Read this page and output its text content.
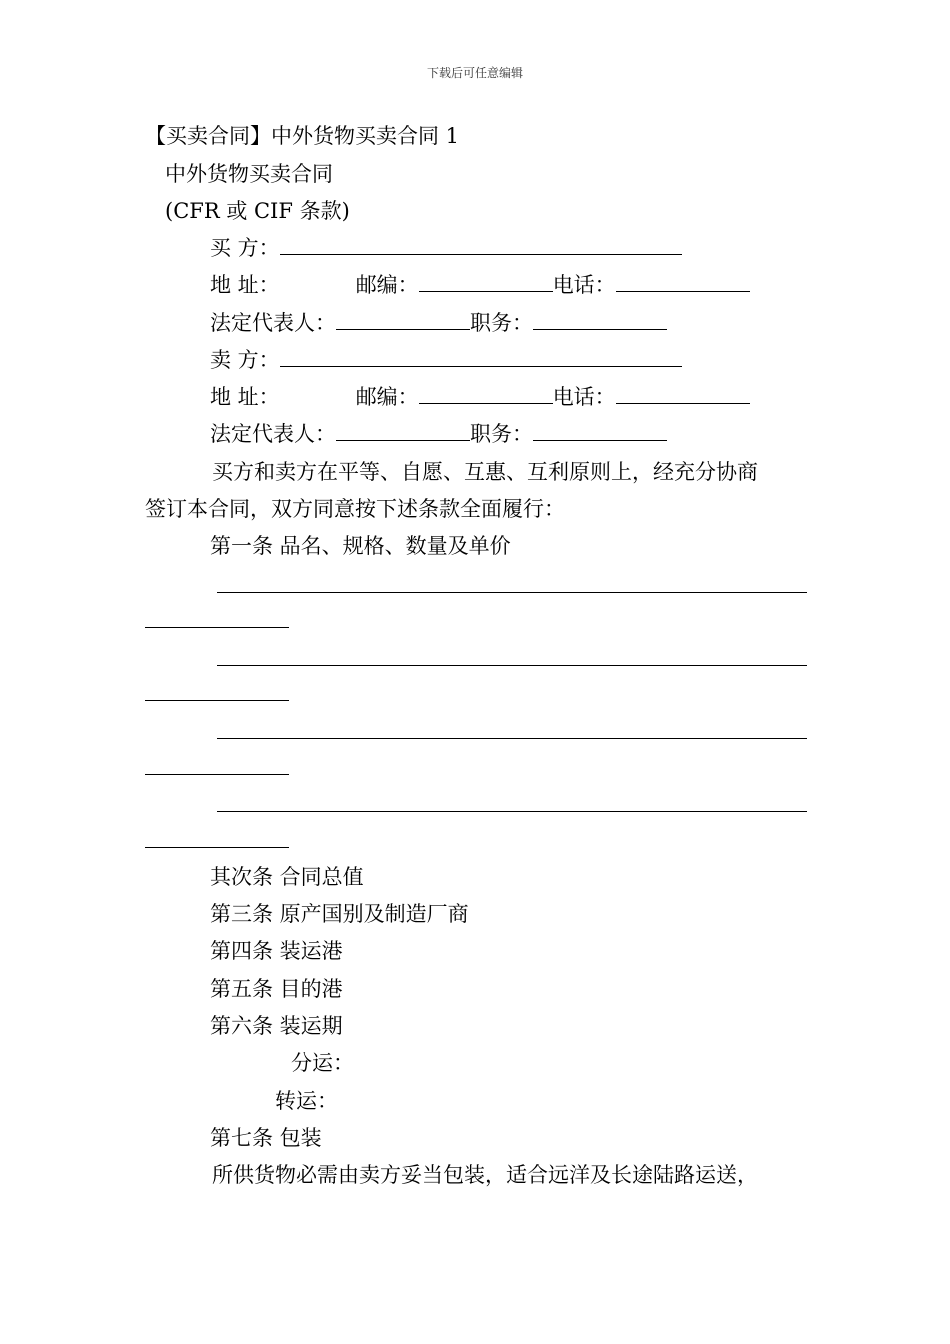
下载后可任意编辑
【买卖合同】中外货物买卖合同 1
中外货物买卖合同
(CFR 或 CIF 条款)
买 方：
地 址：	邮编：	电话：
法定代表人：	职务：
卖 方：
地 址：	邮编：	电话：
法定代表人：	职务：
买方和卖方在平等、自愿、互惠、互利原则上，经充分协商
签订本合同，双方同意按下述条款全面履行：
第一条 品名、规格、数量及单价
其次条 合同总值
第三条 原产国别及制造厂商
第四条 装运港
第五条 目的港
第六条 装运期
分运：
转运：
第七条 包装
所供货物必需由卖方妥当包装，适合远洋及长途陆路运送，
